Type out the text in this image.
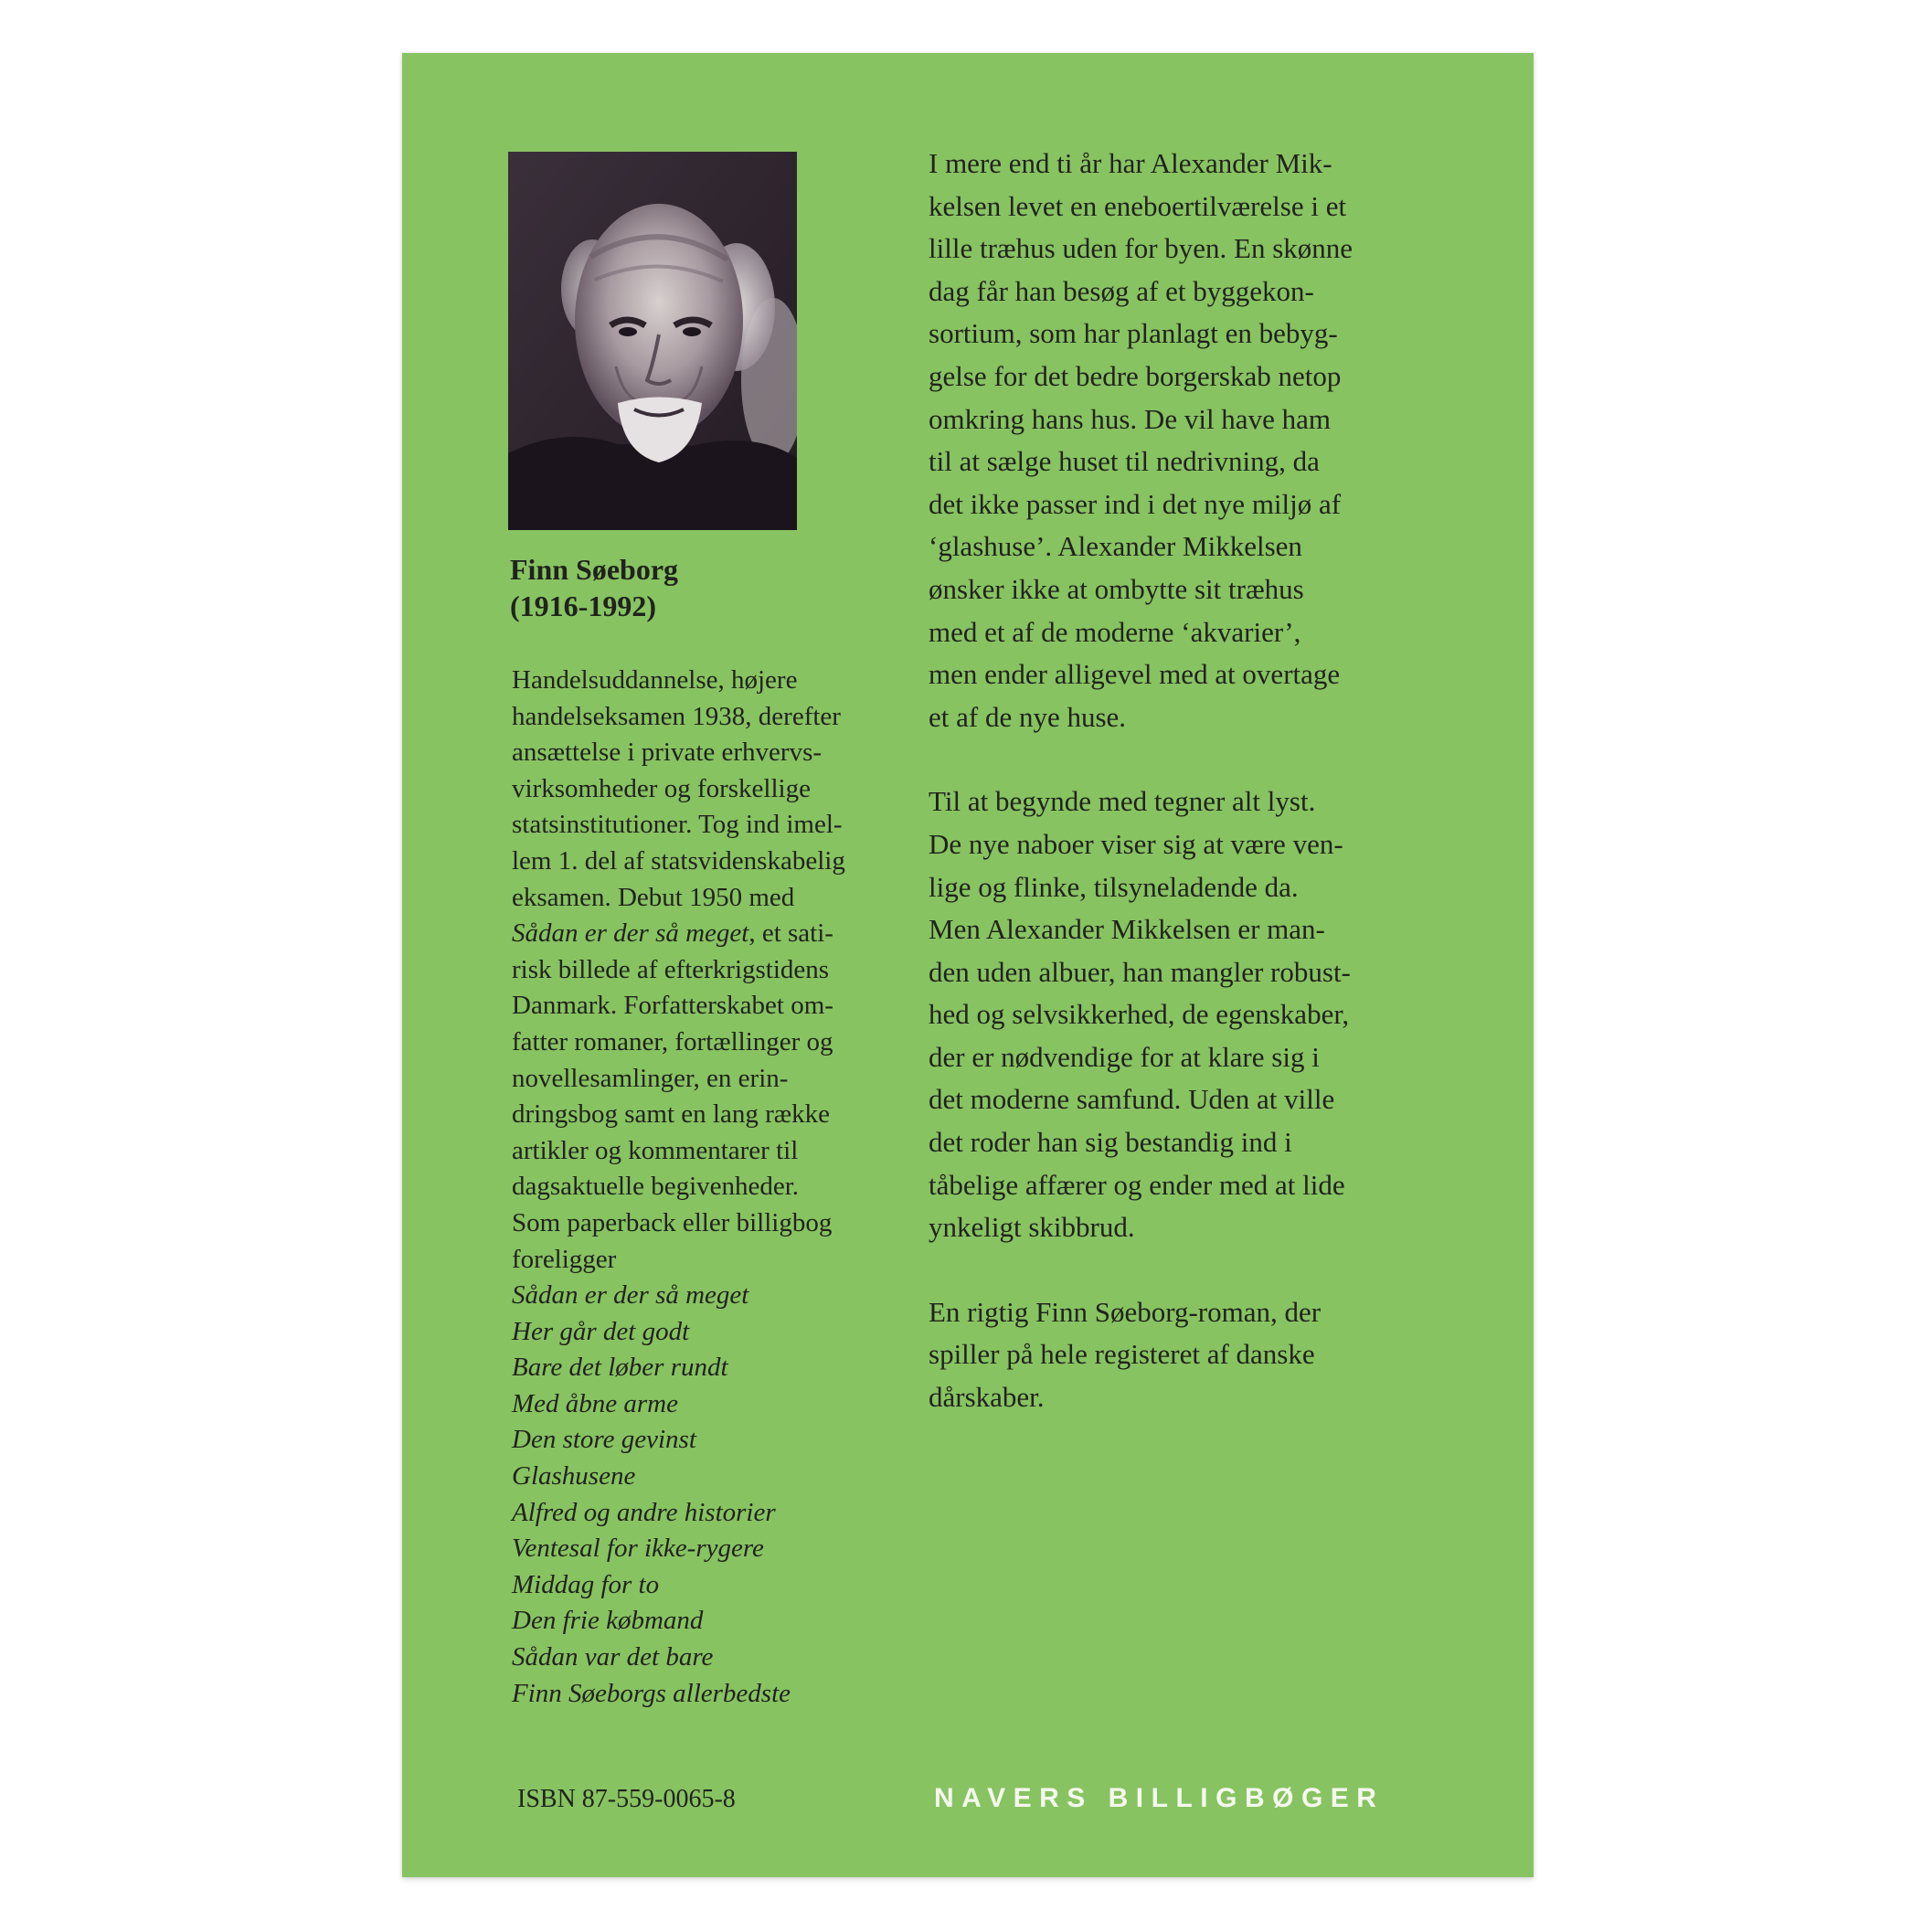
Finn Søeborg
(1916-1992)
Handelsuddannelse, højere
handelseksamen 1938, derefter
ansættelse i private erhvervs-
virksomheder og forskellige
statsinstitutioner. Tog ind imel-
lem 1. del af statsvidenskabelig
eksamen. Debut 1950 med
Sådan er der så meget, et sati-
risk billede af efterkrigstidens
Danmark. Forfatterskabet om-
fatter romaner, fortællinger og
novellesamlinger, en erin-
dringsbog samt en lang række
artikler og kommentarer til
dagsaktuelle begivenheder.
Som paperback eller billigbog
foreligger
Sådan er der så meget
Her går det godt
Bare det løber rundt
Med åbne arme
Den store gevinst
Glashusene
Alfred og andre historier
Ventesal for ikke-rygere
Middag for to
Den frie købmand
Sådan var det bare
Finn Søeborgs allerbedste
I mere end ti år har Alexander Mik-
kelsen levet en eneboertilværelse i et
lille træhus uden for byen. En skønne
dag får han besøg af et byggekon-
sortium, som har planlagt en bebyg-
gelse for det bedre borgerskab netop
omkring hans hus. De vil have ham
til at sælge huset til nedrivning, da
det ikke passer ind i det nye miljø af
‘glashuse’. Alexander Mikkelsen
ønsker ikke at ombytte sit træhus
med et af de moderne ‘akvarier’,
men ender alligevel med at overtage
et af de nye huse.
Til at begynde med tegner alt lyst.
De nye naboer viser sig at være ven-
lige og flinke, tilsyneladende da.
Men Alexander Mikkelsen er man-
den uden albuer, han mangler robust-
hed og selvsikkerhed, de egenskaber,
der er nødvendige for at klare sig i
det moderne samfund. Uden at ville
det roder han sig bestandig ind i
tåbelige affærer og ender med at lide
ynkeligt skibbrud.
En rigtig Finn Søeborg-roman, der
spiller på hele registeret af danske
dårskaber.
ISBN 87-559-0065-8	NAVERS BILLIGBØGER
